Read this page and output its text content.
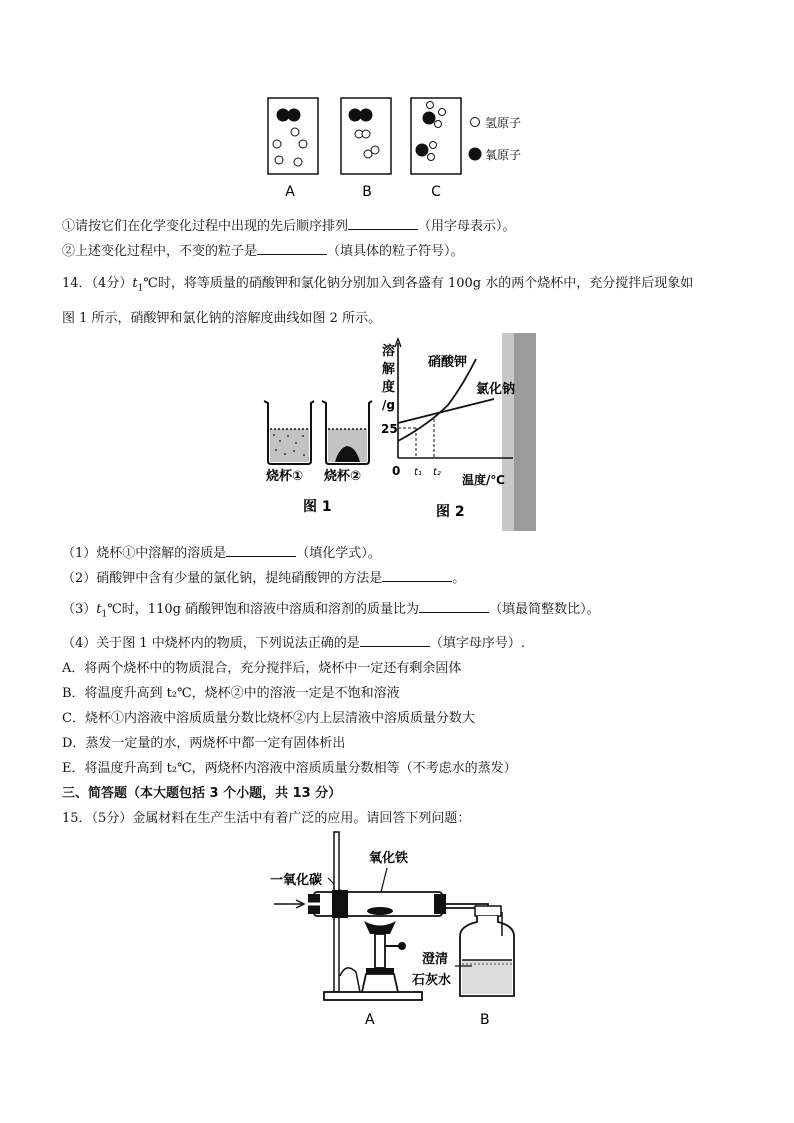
A	B	C
氢原子
氧原子
①请按它们在化学变化过程中出现的先后顺序排列	（用字母表示）。
②上述变化过程中，不变的粒子是	（填具体的粒子符号）。
14．（4分）$t_1℃$时，将等质量的硝酸钾和氯化钠分别加入到各盛有 100g 水的两个烧杯中，充分搅拌后现象如
图 1 所示，硝酸钾和氯化钠的溶解度曲线如图 2 所示。
烧杯① 烧杯②
图 1
溶
解
度
/g
25
0 t₁ t₂
温度/℃
硝酸钾
氯化钠
图 2
（1）烧杯①中溶解的溶质是	（填化学式）。
（2）硝酸钾中含有少量的氯化钠，提纯硝酸钾的方法是	。
$(3)t_1℃$时，110g 硝酸钾饱和溶液中溶质和溶剂的质量比为	（填最简整数比）。
（4）关于图 1 中烧杯内的物质，下列说法正确的是	（填字母序号）.
A．将两个烧杯中的物质混合，充分搅拌后，烧杯中一定还有剩余固体
B．将温度升高到 t₂℃，烧杯②中的溶液一定是不饱和溶液
C．烧杯①内溶液中溶质质量分数比烧杯②内上层清液中溶质质量分数大
D．蒸发一定量的水，两烧杯中都一定有固体析出
E．将温度升高到 t₂℃，两烧杯内溶液中溶质质量分数相等（不考虑水的蒸发）
三、简答题（本大题包括 3 个小题，共 13 分）
15．（5分）金属材料在生产生活中有着广泛的应用。请回答下列问题：
一氧化碳
氧化铁
澄清
石灰水
A	B
